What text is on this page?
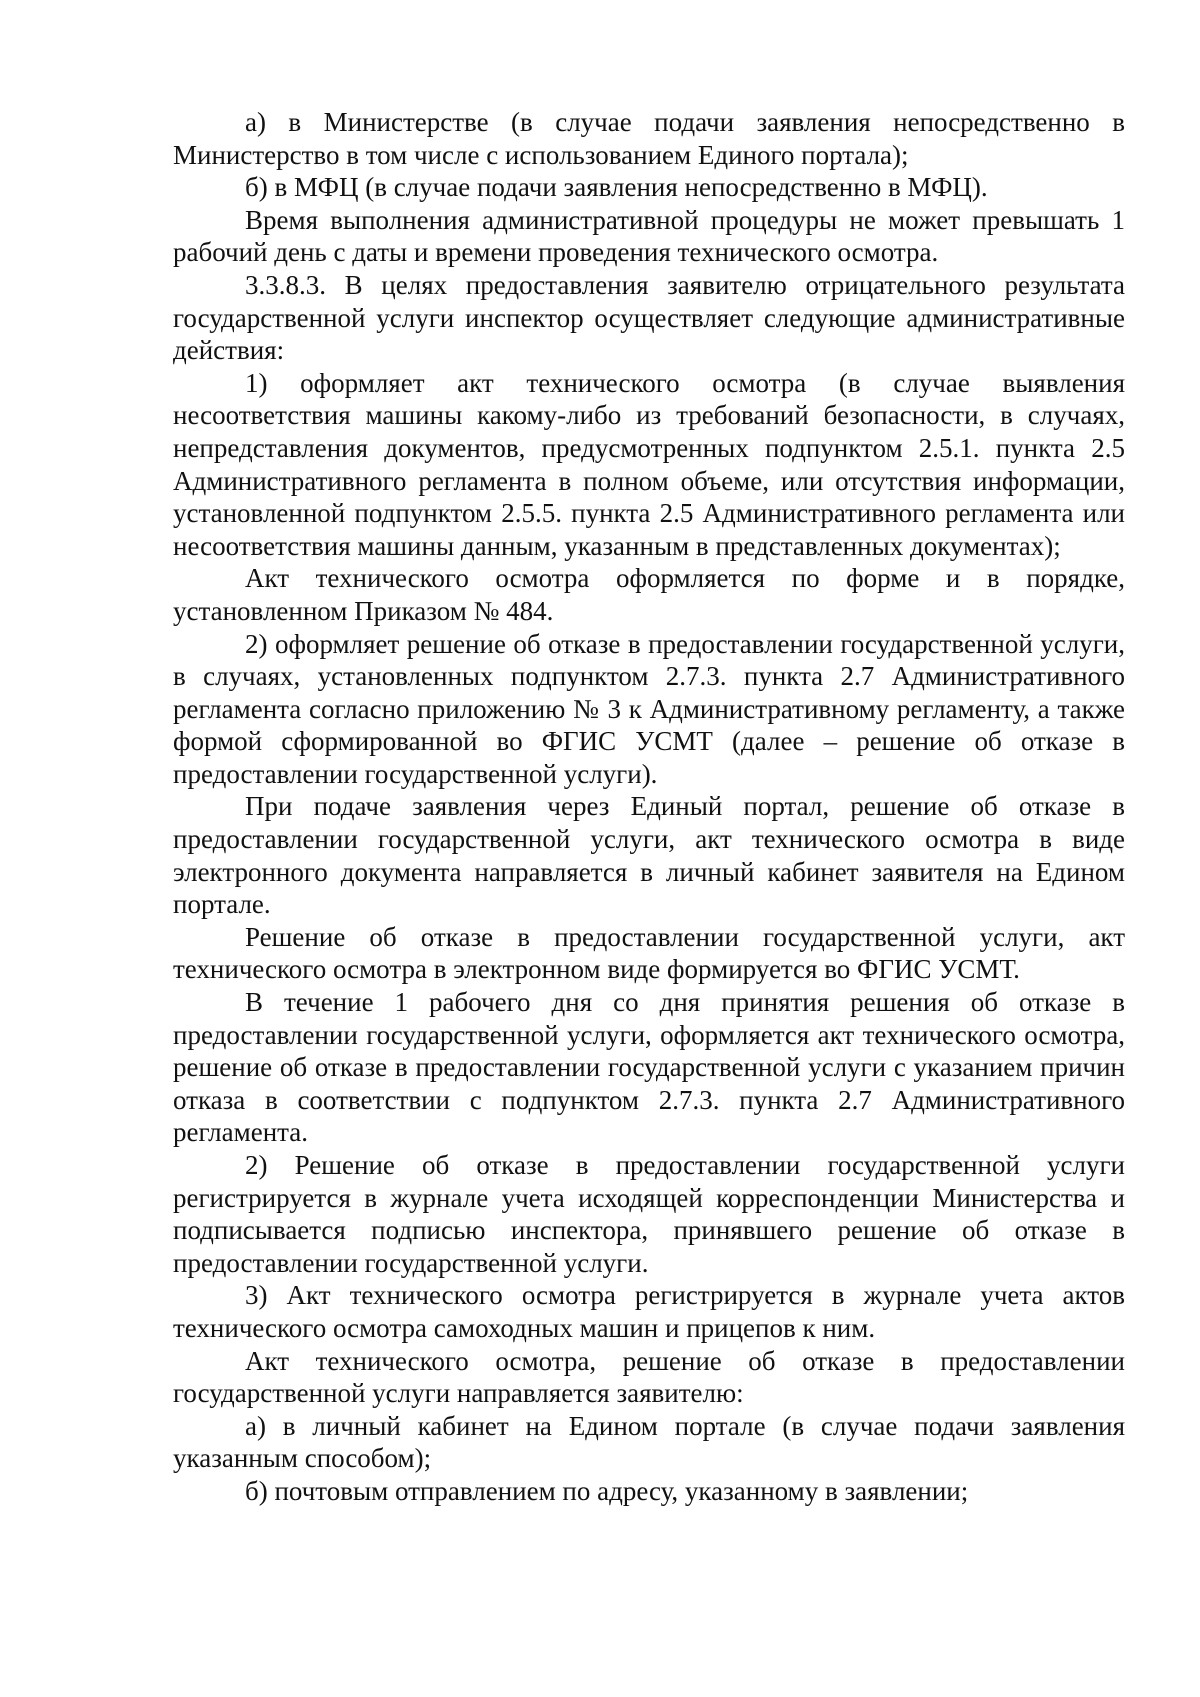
а) в Министерстве (в случае подачи заявления непосредственно в Министерство в том числе с использованием Единого портала);

б) в МФЦ (в случае подачи заявления непосредственно в МФЦ).

Время выполнения административной процедуры не может превышать 1 рабочий день с даты и времени проведения технического осмотра.

3.3.8.3. В целях предоставления заявителю отрицательного результата государственной услуги инспектор осуществляет следующие административные действия:

1) оформляет акт технического осмотра (в случае выявления несоответствия машины какому-либо из требований безопасности, в случаях, непредставления документов, предусмотренных подпунктом 2.5.1. пункта 2.5 Административного регламента в полном объеме, или отсутствия информации, установленной подпунктом 2.5.5. пункта 2.5 Административного регламента или несоответствия машины данным, указанным в представленных документах);

Акт технического осмотра оформляется по форме и в порядке, установленном Приказом № 484.

2) оформляет решение об отказе в предоставлении государственной услуги, в случаях, установленных подпунктом 2.7.3. пункта 2.7 Административного регламента согласно приложению № 3 к Административному регламенту, а также формой сформированной во ФГИС УСМТ (далее – решение об отказе в предоставлении государственной услуги).

При подаче заявления через Единый портал, решение об отказе в предоставлении государственной услуги, акт технического осмотра в виде электронного документа направляется в личный кабинет заявителя на Едином портале.

Решение об отказе в предоставлении государственной услуги, акт технического осмотра в электронном виде формируется во ФГИС УСМТ.

В течение 1 рабочего дня со дня принятия решения об отказе в предоставлении государственной услуги, оформляется акт технического осмотра, решение об отказе в предоставлении государственной услуги с указанием причин отказа в соответствии с подпунктом 2.7.3. пункта 2.7 Административного регламента.

2) Решение об отказе в предоставлении государственной услуги регистрируется в журнале учета исходящей корреспонденции Министерства и подписывается подписью инспектора, принявшего решение об отказе в предоставлении государственной услуги.

3) Акт технического осмотра регистрируется в журнале учета актов технического осмотра самоходных машин и прицепов к ним.

Акт технического осмотра, решение об отказе в предоставлении государственной услуги направляется заявителю:

а) в личный кабинет на Едином портале (в случае подачи заявления указанным способом);

б) почтовым отправлением по адресу, указанному в заявлении;
